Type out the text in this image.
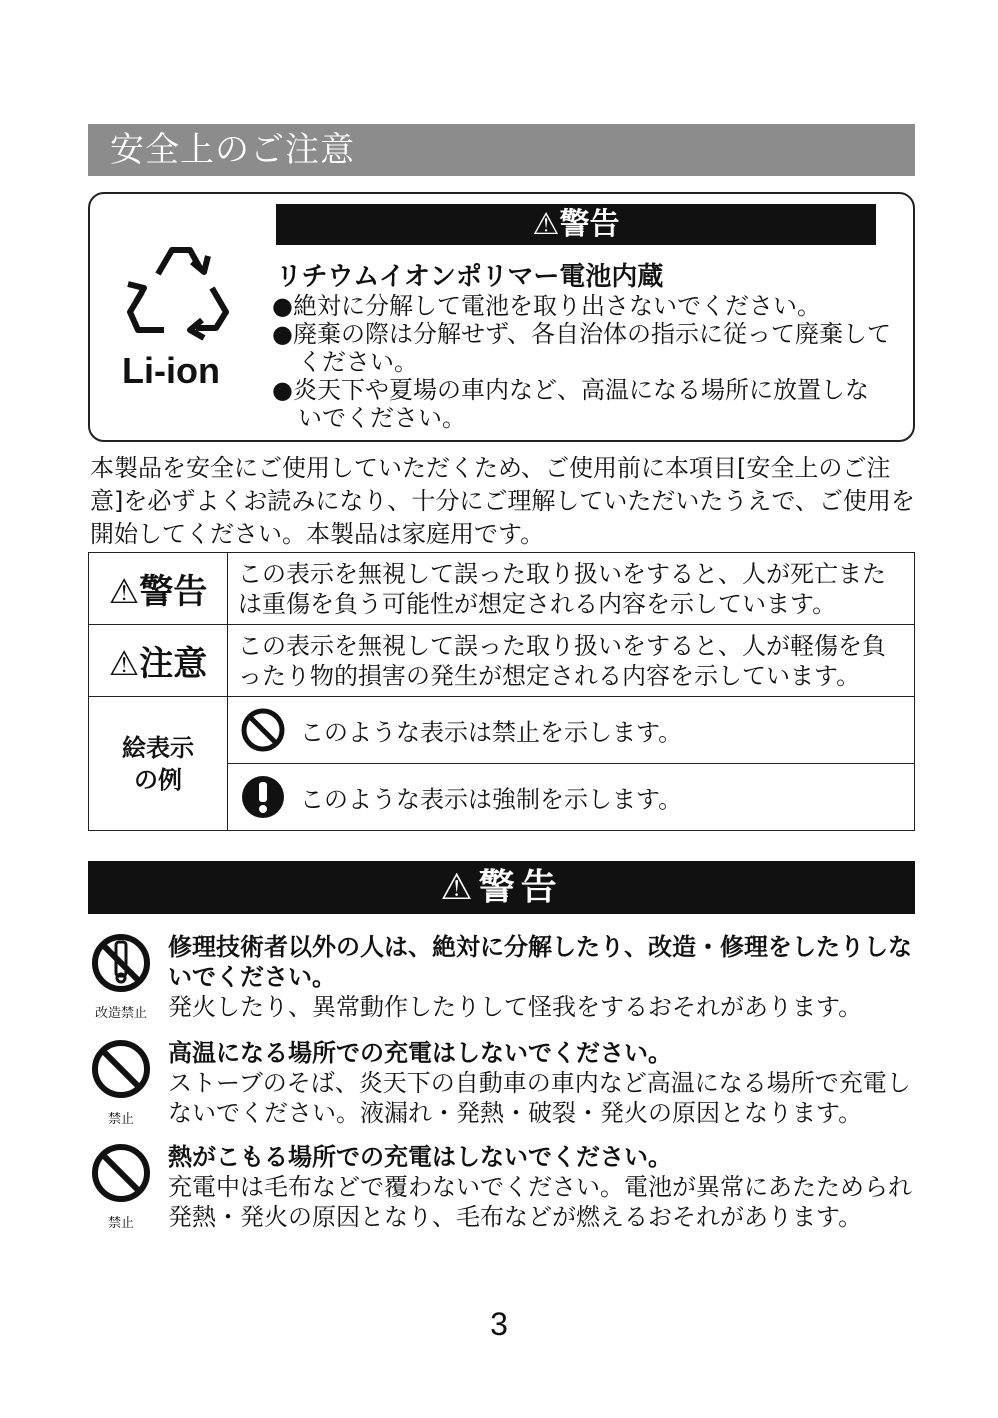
安全上のご注意
Li-ion
⚠警告
リチウムイオンポリマー電池内蔵
●絶対に分解して電池を取り出さないでください。
●廃棄の際は分解せず、各自治体の指示に従って廃棄してください。
●炎天下や夏場の車内など、高温になる場所に放置しないでください。
本製品を安全にご使用していただくため、ご使用前に本項目[安全上のご注意]を必ずよくお読みになり、十分にご理解していただいたうえで、ご使用を開始してください。本製品は家庭用です。
⚠警告	この表示を無視して誤った取り扱いをすると、人が死亡または重傷を負う可能性が想定される内容を示しています。
⚠注意	この表示を無視して誤った取り扱いをすると、人が軽傷を負ったり物的損害の発生が想定される内容を示しています。
絵表示
の例	このような表示は禁止を示します。
	このような表示は強制を示します。
⚠警告
改造禁止
修理技術者以外の人は、絶対に分解したり、改造・修理をしたりしないでください。
発火したり、異常動作したりして怪我をするおそれがあります。
禁止
高温になる場所での充電はしないでください。
ストーブのそば、炎天下の自動車の車内など高温になる場所で充電しないでください。液漏れ・発熱・破裂・発火の原因となります。
禁止
熱がこもる場所での充電はしないでください。
充電中は毛布などで覆わないでください。電池が異常にあたためられ発熱・発火の原因となり、毛布などが燃えるおそれがあります。
3
